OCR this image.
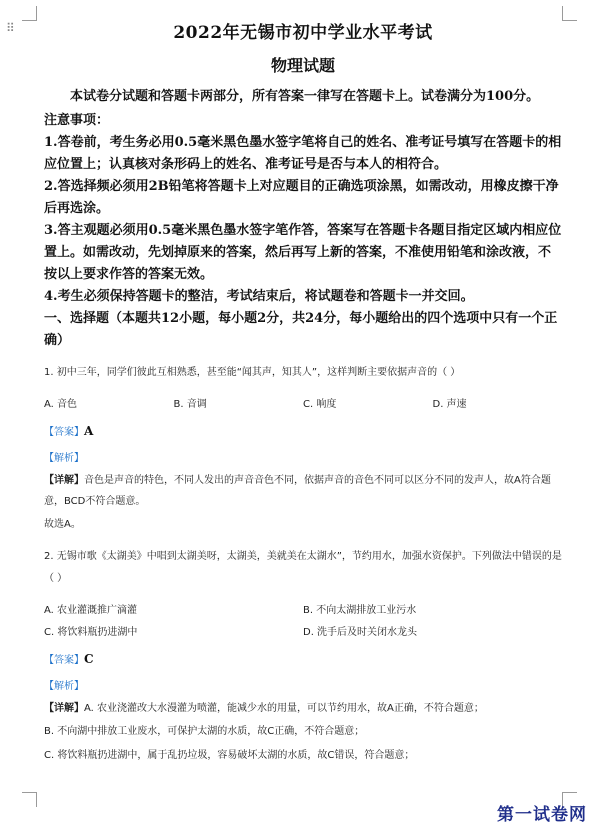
⠿	2022年无锡市初中学业水平考试
物理试题

本试卷分试题和答题卡两部分，所有答案一律写在答题卡上。试卷满分为100分。

注意事项：

1.答卷前，考生务必用0.5毫米黑色墨水签字笔将自己的姓名、准考证号填写在答题卡的相应位置上；认真核对条形码上的姓名、准考证号是否与本人的相符合。

2.答选择频必须用2B铅笔将答题卡上对应题目的正确选项涂黑，如需改动，用橡皮擦干净后再选涂。

3.答主观题必须用0.5毫米黑色墨水签字笔作答，答案写在答题卡各题目指定区域内相应位置上。如需改动，先划掉原来的答案，然后再写上新的答案，不准使用铅笔和涂改液，不按以上要求作答的答案无效。

4.考生必须保持答题卡的整洁，考试结束后，将试题卷和答题卡一并交回。

一、选择题（本题共12小题，每小题2分，共24分，每小题给出的四个选项中只有一个正确）

1. 初中三年，同学们彼此互相熟悉，甚至能“闻其声，知其人”，这样判断主要依据声音的（ ）

A. 音色	B. 音调	C. 响度	D. 声速
【答案】A
【解析】

【详解】音色是声音的特色，不同人发出的声音音色不同，依据声音的音色不同可以区分不同的发声人，故A符合题意，BCD不符合题意。

故选A。

2. 无锡市歌《太湖美》中唱到太湖美呀，太湖美，美就美在太湖水”，节约用水，加强水资保护。下列做法中错误的是（ ）

A. 农业灌溉推广滴灌	B. 不向太湖排放工业污水
C. 将饮料瓶扔进湖中	D. 洗手后及时关闭水龙头
【答案】C
【解析】

【详解】A. 农业浇灌改大水漫灌为喷灌，能减少水的用量，可以节约用水，故A正确，不符合题意；

B. 不向湖中排放工业废水，可保护太湖的水质，故C正确，不符合题意；

C. 将饮料瓶扔进湖中，属于乱扔垃圾，容易破坏太湖的水质，故C错误，符合题意；

第一试卷网
